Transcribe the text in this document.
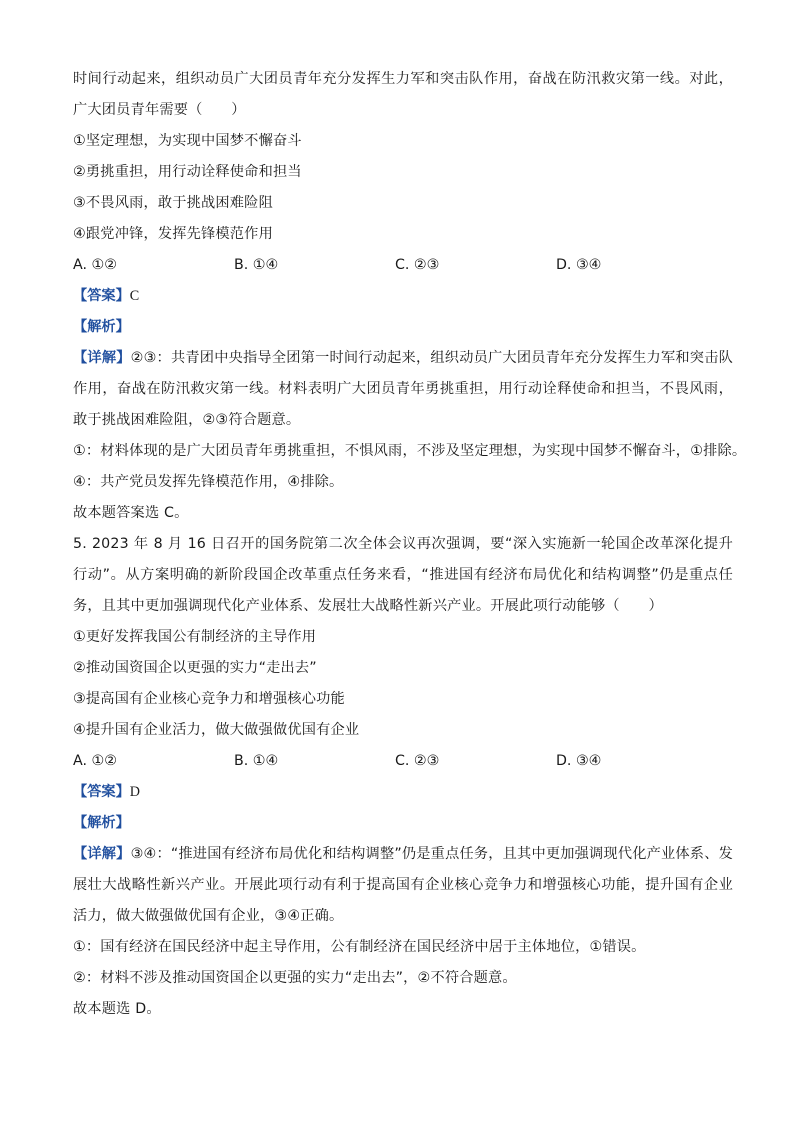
时间行动起来，组织动员广大团员青年充分发挥生力军和突击队作用，奋战在防汛救灾第一线。对此，广大团员青年需要（　　）
①坚定理想，为实现中国梦不懈奋斗
②勇挑重担，用行动诠释使命和担当
③不畏风雨，敢于挑战困难险阻
④跟党冲锋，发挥先锋模范作用
A. ①②	B. ①④	C. ②③	D. ③④
【答案】C
【解析】
【详解】②③：共青团中央指导全团第一时间行动起来，组织动员广大团员青年充分发挥生力军和突击队作用，奋战在防汛救灾第一线。材料表明广大团员青年勇挑重担，用行动诠释使命和担当，不畏风雨，敢于挑战困难险阻，②③符合题意。
①：材料体现的是广大团员青年勇挑重担，不惧风雨，不涉及坚定理想，为实现中国梦不懈奋斗，①排除。
④：共产党员发挥先锋模范作用，④排除。
故本题答案选 C。
5. 2023 年 8 月 16 日召开的国务院第二次全体会议再次强调，要“深入实施新一轮国企改革深化提升行动”。从方案明确的新阶段国企改革重点任务来看，“推进国有经济布局优化和结构调整”仍是重点任务，且其中更加强调现代化产业体系、发展壮大战略性新兴产业。开展此项行动能够（　　）
①更好发挥我国公有制经济的主导作用
②推动国资国企以更强的实力“走出去”
③提高国有企业核心竞争力和增强核心功能
④提升国有企业活力，做大做强做优国有企业
A. ①②	B. ①④	C. ②③	D. ③④
【答案】D
【解析】
【详解】③④：“推进国有经济布局优化和结构调整”仍是重点任务，且其中更加强调现代化产业体系、发展壮大战略性新兴产业。开展此项行动有利于提高国有企业核心竞争力和增强核心功能，提升国有企业活力，做大做强做优国有企业，③④正确。
①：国有经济在国民经济中起主导作用，公有制经济在国民经济中居于主体地位，①错误。
②：材料不涉及推动国资国企以更强的实力“走出去”，②不符合题意。
故本题选 D。
